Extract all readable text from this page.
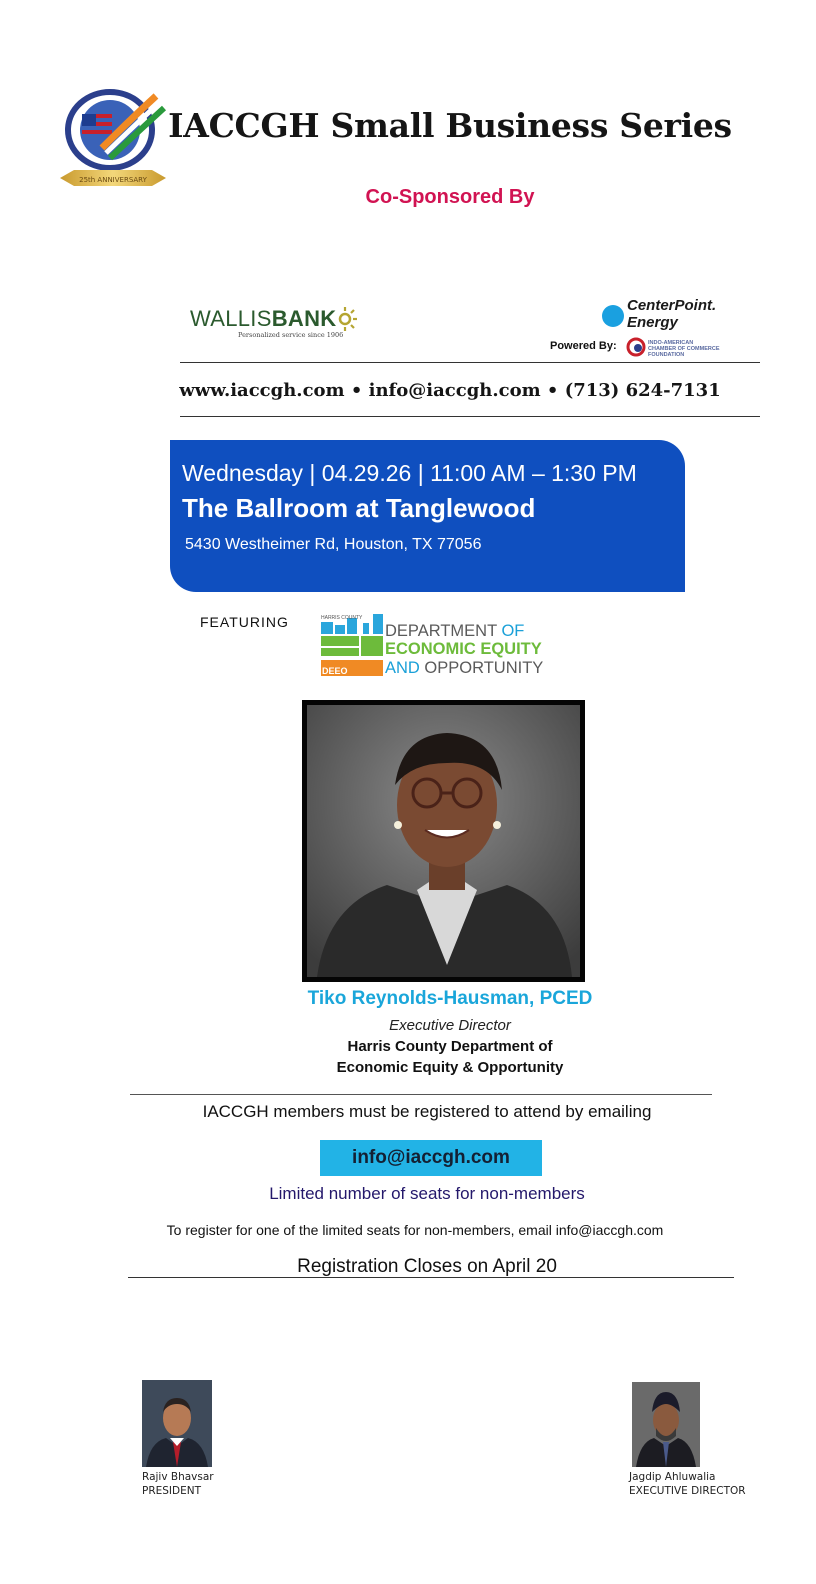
25th ANNIVERSARY
IACCGH Small Business Series
Co-Sponsored By
WALLISBANK
Personalized service since 1906
CenterPoint.
Energy
Powered By:	INDO-AMERICAN
CHAMBER OF COMMERCE
FOUNDATION
www.iaccgh.com • info@iaccgh.com • (713) 624-7131
Wednesday | 04.29.26 | 11:00 AM – 1:30 PM
The Ballroom at Tanglewood
5430 Westheimer Rd, Houston, TX 77056
FEATURING	HARRIS COUNTY
DEEO
DEPARTMENT OF
ECONOMIC EQUITY
AND OPPORTUNITY
Tiko Reynolds-Hausman, PCED
Executive Director
Harris County Department of
Economic Equity & Opportunity
IACCGH members must be registered to attend by emailing
info@iaccgh.com
Limited number of seats for non-members
To register for one of the limited seats for non-members, email info@iaccgh.com
Registration Closes on April 20
Rajiv Bhavsar
PRESIDENT
Jagdip Ahluwalia
EXECUTIVE DIRECTOR
